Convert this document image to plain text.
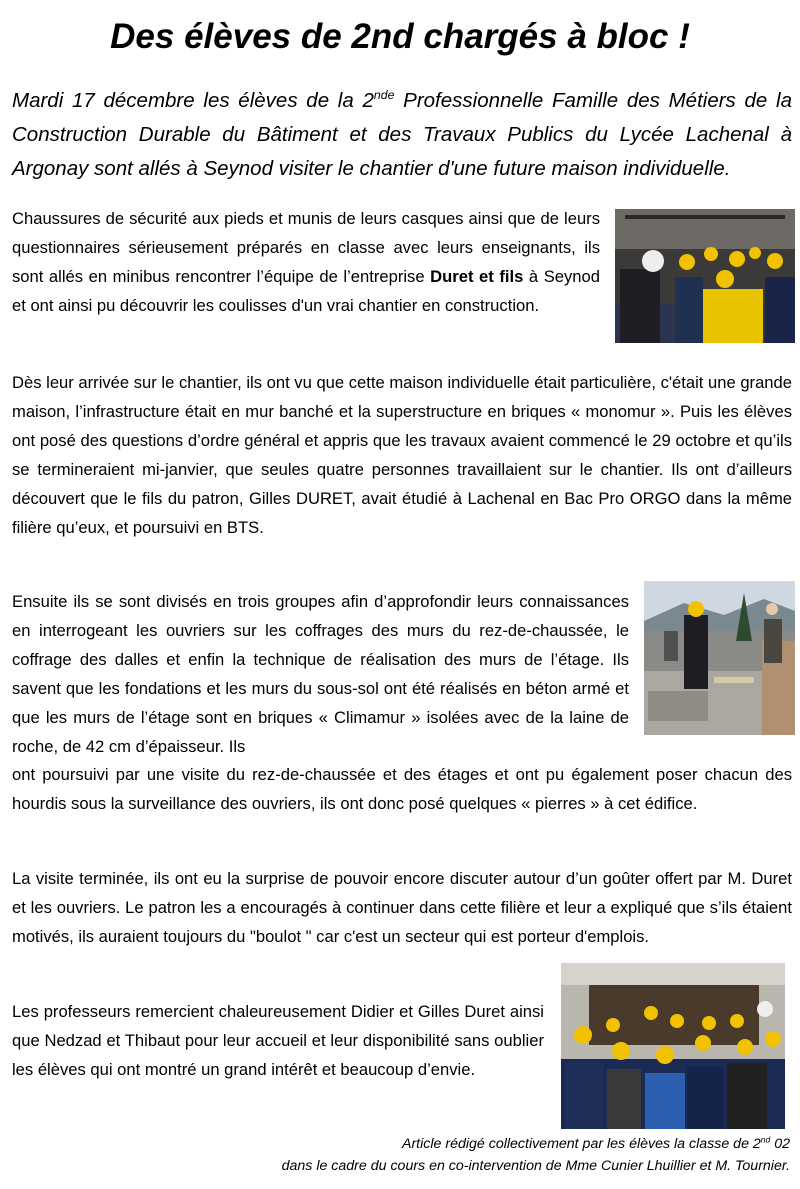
Des élèves de 2nd chargés à bloc !
Mardi 17 décembre les élèves de la 2nde Professionnelle Famille des Métiers de la Construction Durable du Bâtiment et des Travaux Publics du Lycée Lachenal à Argonay sont allés à Seynod visiter le chantier d'une future maison individuelle.
Chaussures de sécurité aux pieds et munis de leurs casques ainsi que de leurs questionnaires sérieusement préparés en classe avec leurs enseignants, ils sont allés en minibus rencontrer l’équipe de l’entreprise Duret et fils à Seynod et ont ainsi pu découvrir les coulisses d'un vrai chantier en construction.
Dès leur arrivée sur le chantier, ils ont vu que cette maison individuelle était particulière, c'était une grande maison, l’infrastructure était en mur banché et la superstructure en briques « monomur ». Puis les élèves ont posé des questions d’ordre général et appris que les travaux avaient commencé le 29 octobre et qu’ils se termineraient mi-janvier, que seules quatre personnes travaillaient sur le chantier. Ils ont d’ailleurs découvert que le fils du patron, Gilles DURET, avait étudié à Lachenal en Bac Pro ORGO dans la même filière qu’eux, et poursuivi en BTS.
Ensuite ils se sont divisés en trois groupes afin d’approfondir leurs connaissances en interrogeant les ouvriers sur les coffrages des murs du rez-de-chaussée, le coffrage des dalles et enfin la technique de réalisation des murs de l’étage. Ils savent que les fondations et les murs du sous-sol ont été réalisés en béton armé et que les murs de l’étage sont en briques « Climamur » isolées avec de la laine de roche, de 42 cm d’épaisseur. Ils
ont poursuivi par une visite du rez-de-chaussée et des étages et ont pu également poser chacun des hourdis sous la surveillance des ouvriers, ils ont donc posé quelques « pierres » à cet édifice.
La visite terminée, ils ont eu la surprise de pouvoir encore discuter autour d’un goûter offert par M. Duret et les ouvriers. Le patron les a encouragés à continuer dans cette filière et leur a expliqué que s’ils étaient motivés, ils auraient toujours du "boulot " car c'est un secteur qui est porteur d'emplois.
Les professeurs remercient chaleureusement Didier et Gilles Duret ainsi que Nedzad et Thibaut pour leur accueil et leur disponibilité sans oublier les élèves qui ont montré un grand intérêt et beaucoup d’envie.
Article rédigé collectivement par les élèves la classe de 2nd 02
dans le cadre du cours en co-intervention de Mme Cunier Lhuillier et M. Tournier.
